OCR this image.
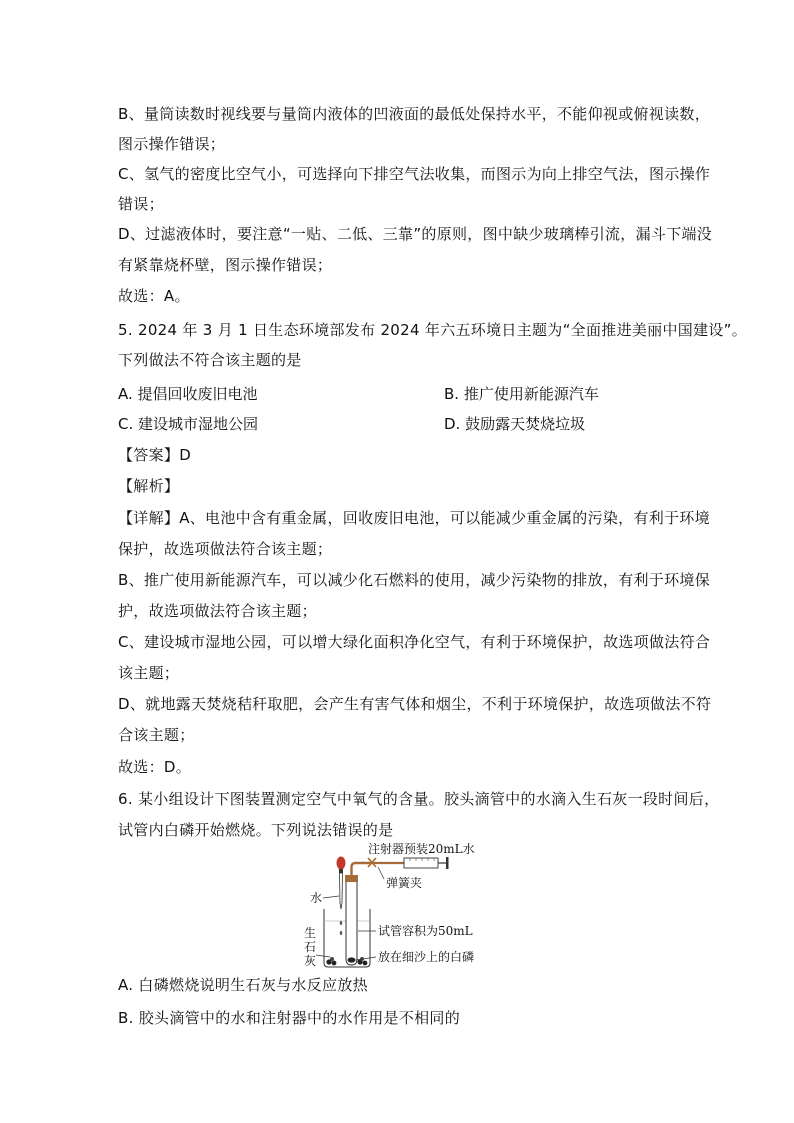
B、量筒读数时视线要与量筒内液体的凹液面的最低处保持水平，不能仰视或俯视读数，
图示操作错误；
C、氢气的密度比空气小，可选择向下排空气法收集，而图示为向上排空气法，图示操作
错误；
D、过滤液体时，要注意“一贴、二低、三靠”的原则，图中缺少玻璃棒引流，漏斗下端没
有紧靠烧杯壁，图示操作错误；
故选：A。
5. 2024 年 3 月 1 日生态环境部发布 2024 年六五环境日主题为“全面推进美丽中国建设”。
下列做法不符合该主题的是
A. 提倡回收废旧电池	B. 推广使用新能源汽车
C. 建设城市湿地公园	D. 鼓励露天焚烧垃圾
【答案】D
【解析】
【详解】A、电池中含有重金属，回收废旧电池，可以能减少重金属的污染，有利于环境
保护，故选项做法符合该主题；
B、推广使用新能源汽车，可以减少化石燃料的使用，减少污染物的排放，有利于环境保
护，故选项做法符合该主题；
C、建设城市湿地公园，可以增大绿化面积净化空气，有利于环境保护，故选项做法符合
该主题；
D、就地露天焚烧秸秆取肥，会产生有害气体和烟尘，不利于环境保护，故选项做法不符
合该主题；
故选：D。
6. 某小组设计下图装置测定空气中氧气的含量。胶头滴管中的水滴入生石灰一段时间后，
试管内白磷开始燃烧。下列说法错误的是
水
生
石
灰
弹簧夹
注射器预装20mL水
试管容积为50mL
放在细沙上的白磷
A. 白磷燃烧说明生石灰与水反应放热
B. 胶头滴管中的水和注射器中的水作用是不相同的
